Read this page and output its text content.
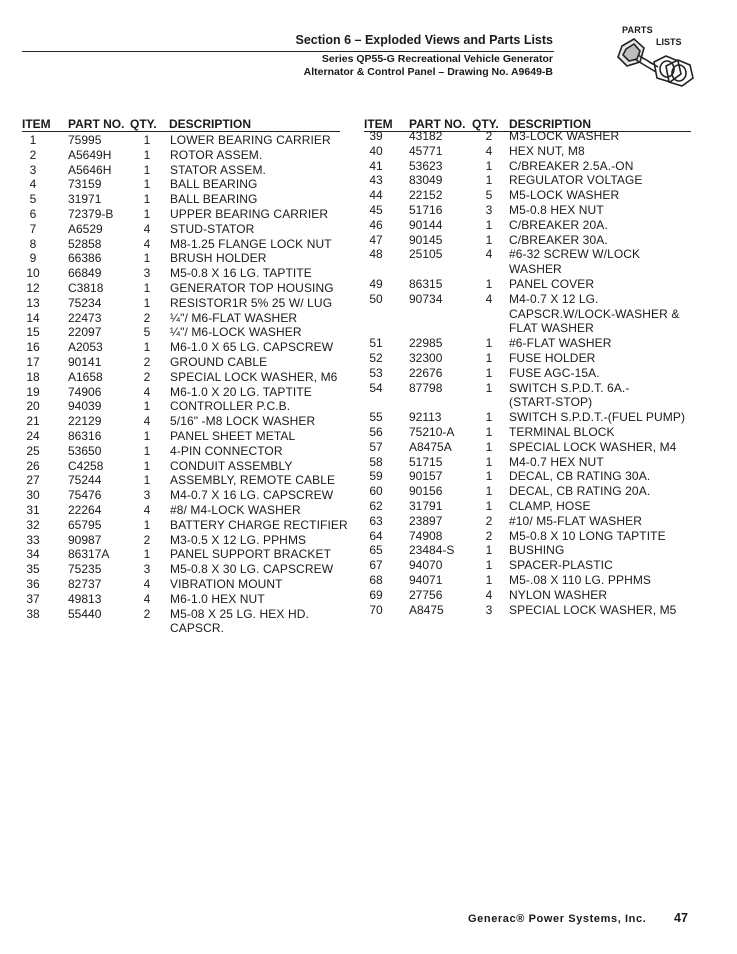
Section 6 – Exploded Views and Parts Lists
Series QP55-G Recreational Vehicle Generator
Alternator & Control Panel – Drawing No. A9649-B
PARTS
LISTS
ITEM PART NO. QTY. DESCRIPTION	ITEM PART NO. QTY. DESCRIPTION
1	75995	1	LOWER BEARING CARRIER
2	A5649H	1	ROTOR ASSEM.
3	A5646H	1	STATOR ASSEM.
4	73159	1	BALL BEARING
5	31971	1	BALL BEARING
6	72379-B	1	UPPER BEARING CARRIER
7	A6529	4	STUD-STATOR
8	52858	4	M8-1.25 FLANGE LOCK NUT
9	66386	1	BRUSH HOLDER
10	66849	3	M5-0.8 X 16 LG. TAPTITE
12	C3818	1	GENERATOR TOP HOUSING
13	75234	1	RESISTOR1R 5% 25 W/ LUG
14	22473	2	¼"/ M6-FLAT WASHER
15	22097	5	¼"/ M6-LOCK WASHER
16	A2053	1	M6-1.0 X 65 LG. CAPSCREW
17	90141	2	GROUND CABLE
18	A1658	2	SPECIAL LOCK WASHER, M6
19	74906	4	M6-1.0 X 20 LG. TAPTITE
20	94039	1	CONTROLLER P.C.B.
21	22129	4	5/16" -M8 LOCK WASHER
24	86316	1	PANEL SHEET METAL
25	53650	1	4-PIN CONNECTOR
26	C4258	1	CONDUIT ASSEMBLY
27	75244	1	ASSEMBLY, REMOTE CABLE
30	75476	3	M4-0.7 X 16 LG. CAPSCREW
31	22264	4	#8/ M4-LOCK WASHER
32	65795	1	BATTERY CHARGE RECTIFIER
33	90987	2	M3-0.5 X 12 LG. PPHMS
34	86317A	1	PANEL SUPPORT BRACKET
35	75235	3	M5-0.8 X 30 LG. CAPSCREW
36	82737	4	VIBRATION MOUNT
37	49813	4	M6-1.0 HEX NUT
38	55440	2	M5-08 X 25 LG. HEX HD.
CAPSCR.
39	43182	2	M3-LOCK WASHER
40	45771	4	HEX NUT, M8
41	53623	1	C/BREAKER 2.5A.-ON
43	83049	1	REGULATOR VOLTAGE
44	22152	5	M5-LOCK WASHER
45	51716	3	M5-0.8 HEX NUT
46	90144	1	C/BREAKER 20A.
47	90145	1	C/BREAKER 30A.
48	25105	4	#6-32 SCREW W/LOCK
WASHER
49	86315	1	PANEL COVER
50	90734	4	M4-0.7 X 12 LG.
CAPSCR.W/LOCK-WASHER &
FLAT WASHER
51	22985	1	#6-FLAT WASHER
52	32300	1	FUSE HOLDER
53	22676	1	FUSE AGC-15A.
54	87798	1	SWITCH S.P.D.T. 6A.-
(START-STOP)
55	92113	1	SWITCH S.P.D.T.-(FUEL PUMP)
56	75210-A	1	TERMINAL BLOCK
57	A8475A	1	SPECIAL LOCK WASHER, M4
58	51715	1	M4-0.7 HEX NUT
59	90157	1	DECAL, CB RATING 30A.
60	90156	1	DECAL, CB RATING 20A.
62	31791	1	CLAMP, HOSE
63	23897	2	#10/ M5-FLAT WASHER
64	74908	2	M5-0.8 X 10 LONG TAPTITE
65	23484-S	1	BUSHING
67	94070	1	SPACER-PLASTIC
68	94071	1	M5-.08 X 110 LG. PPHMS
69	27756	4	NYLON WASHER
70	A8475	3	SPECIAL LOCK WASHER, M5
Generac® Power Systems, Inc. 47
